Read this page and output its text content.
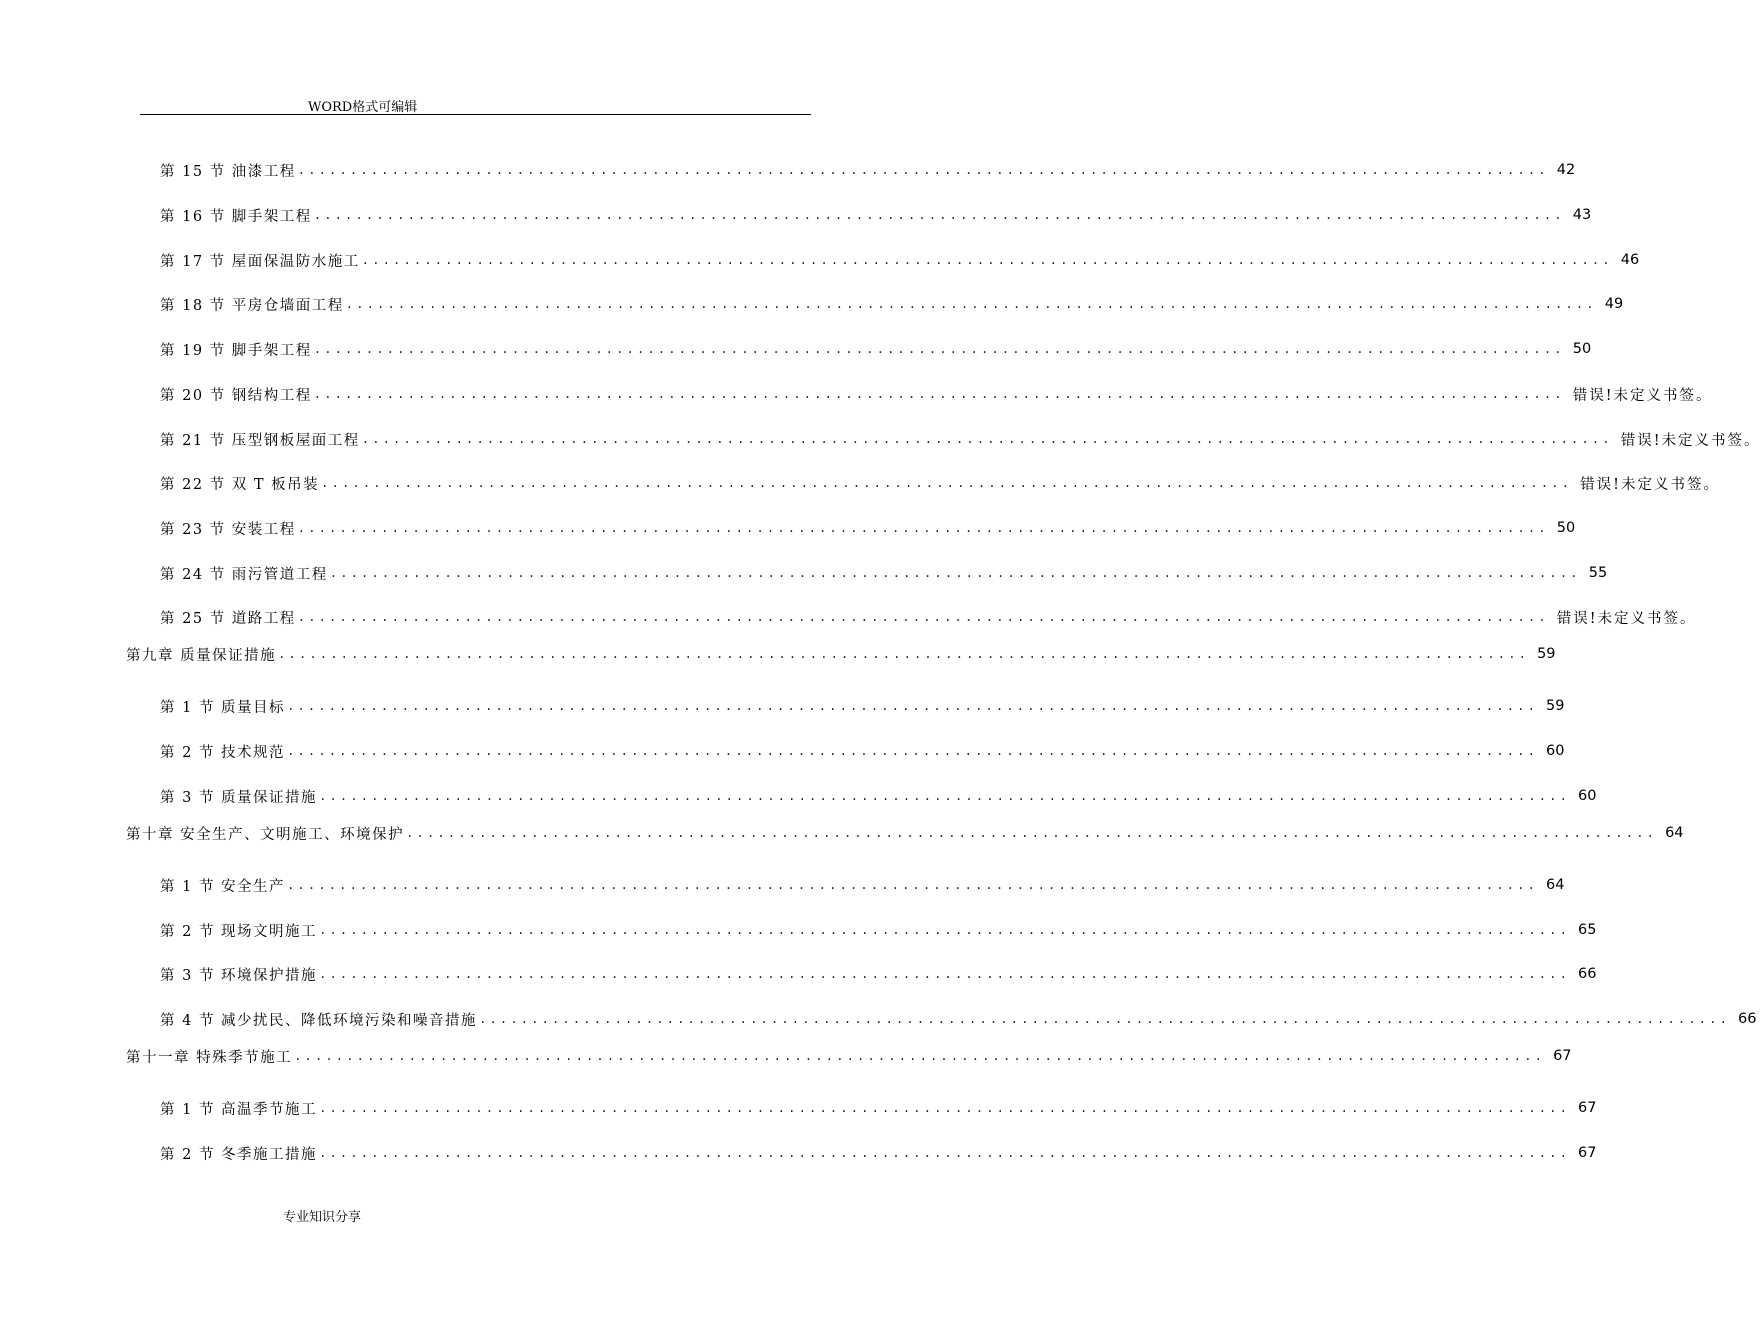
WORD格式可编辑
第 15 节 油漆工程 ........................................................................................................................ 42
第 16 节 脚手架工程 ........................................................................................................................ 43
第 17 节 屋面保温防水施工 ........................................................................................................................ 46
第 18 节 平房仓墙面工程 ........................................................................................................................ 49
第 19 节 脚手架工程 ........................................................................................................................ 50
第 20 节 钢结构工程 ........................................................................................................................ 错误!未定义书签。
第 21 节 压型钢板屋面工程 ........................................................................................................................ 错误!未定义书签。
第 22 节 双 T 板吊装 ........................................................................................................................ 错误!未定义书签。
第 23 节 安装工程 ........................................................................................................................ 50
第 24 节 雨污管道工程 ........................................................................................................................ 55
第 25 节 道路工程 ........................................................................................................................ 错误!未定义书签。
第九章 质量保证措施 ........................................................................................................................ 59
第 1 节 质量目标 ........................................................................................................................ 59
第 2 节 技术规范 ........................................................................................................................ 60
第 3 节 质量保证措施 ........................................................................................................................ 60
第十章 安全生产、文明施工、环境保护 ........................................................................................................................ 64
第 1 节 安全生产 ........................................................................................................................ 64
第 2 节 现场文明施工 ........................................................................................................................ 65
第 3 节 环境保护措施 ........................................................................................................................ 66
第 4 节 减少扰民、降低环境污染和噪音措施 ........................................................................................................................ 66
第十一章 特殊季节施工 ........................................................................................................................ 67
第 1 节 高温季节施工 ........................................................................................................................ 67
第 2 节 冬季施工措施 ........................................................................................................................ 67
专业知识分享
